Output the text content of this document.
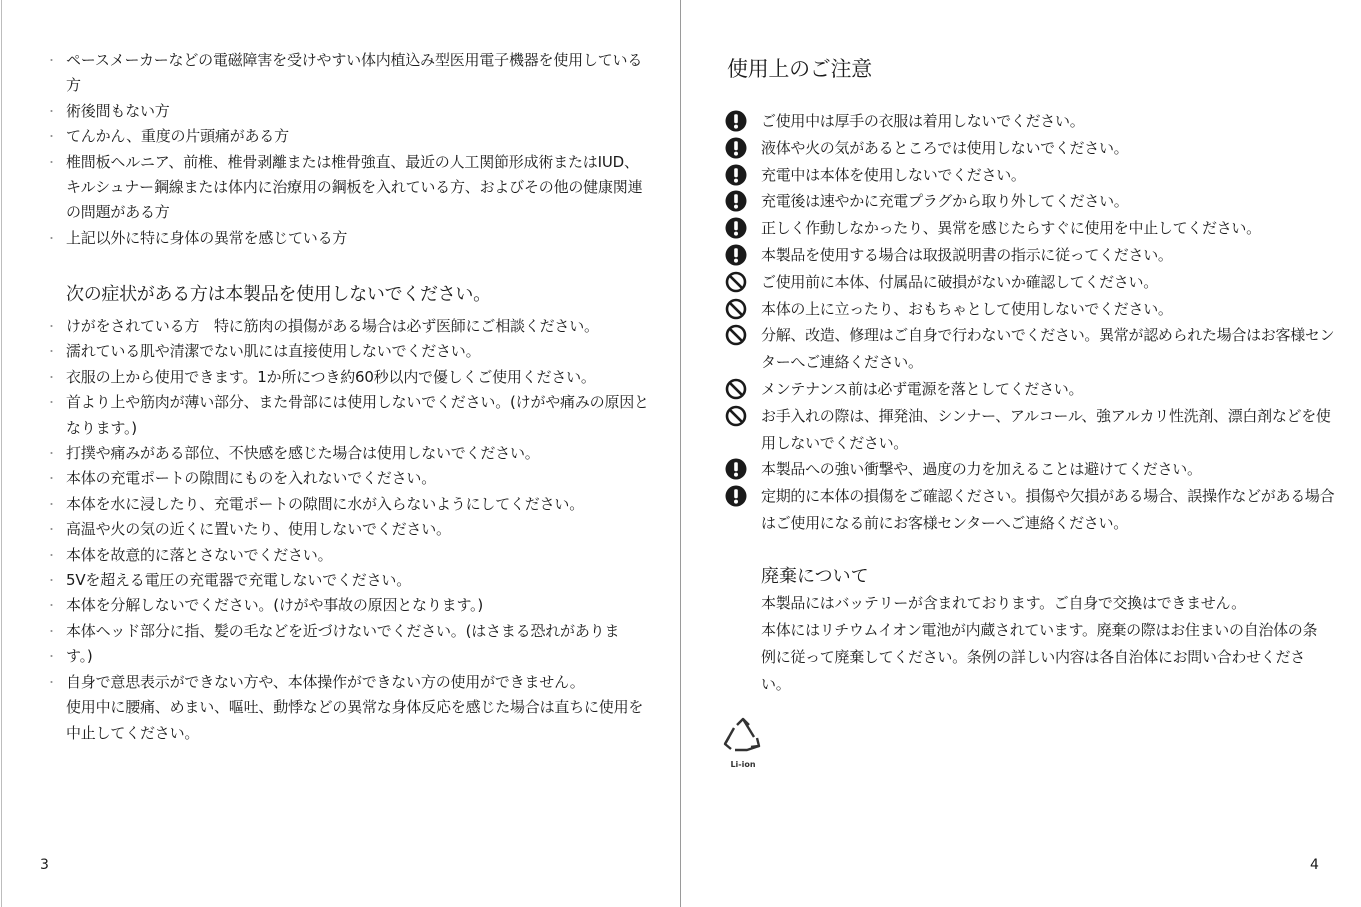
・ ペースメーカーなどの電磁障害を受けやすい体内植込み型医用電子機器を使用している方
・ 術後間もない方
・ てんかん、重度の片頭痛がある方
・ 椎間板ヘルニア、前椎、椎骨剥離または椎骨強直、最近の人工関節形成術またはIUD、キルシュナー鋼線または体内に治療用の鋼板を入れている方、およびその他の健康関連の問題がある方
・ 上記以外に特に身体の異常を感じている方
次の症状がある方は本製品を使用しないでください。
・ けがをされている方　特に筋肉の損傷がある場合は必ず医師にご相談ください。
・ 濡れている肌や清潔でない肌には直接使用しないでください。
・ 衣服の上から使用できます。1か所につき約60秒以内で優しくご使用ください。
・ 首より上や筋肉が薄い部分、また骨部には使用しないでください。(けがや痛みの原因となります。)
・ 打撲や痛みがある部位、不快感を感じた場合は使用しないでください。
・ 本体の充電ポートの隙間にものを入れないでください。
・ 本体を水に浸したり、充電ポートの隙間に水が入らないようにしてください。
・ 高温や火の気の近くに置いたり、使用しないでください。
・ 本体を故意的に落とさないでください。
・ 5Vを超える電圧の充電器で充電しないでください。
・ 本体を分解しないでください。(けがや事故の原因となります。)
・ 本体ヘッド部分に指、髪の毛などを近づけないでください。(はさまる恐れがありま
・ す。)
・ 自身で意思表示ができない方や、本体操作ができない方の使用ができません。
使用中に腰痛、めまい、嘔吐、動悸などの異常な身体反応を感じた場合は直ちに使用を中止してください。
3
使用上のご注意
ご使用中は厚手の衣服は着用しないでください。
液体や火の気があるところでは使用しないでください。
充電中は本体を使用しないでください。
充電後は速やかに充電プラグから取り外してください。
正しく作動しなかったり、異常を感じたらすぐに使用を中止してください。
本製品を使用する場合は取扱説明書の指示に従ってください。
ご使用前に本体、付属品に破損がないか確認してください。
本体の上に立ったり、おもちゃとして使用しないでください。
分解、改造、修理はご自身で行わないでください。異常が認められた場合はお客様センターへご連絡ください。
メンテナンス前は必ず電源を落としてください。
お手入れの際は、揮発油、シンナー、アルコール、強アルカリ性洗剤、漂白剤などを使用しないでください。
本製品への強い衝撃や、過度の力を加えることは避けてください。
定期的に本体の損傷をご確認ください。損傷や欠損がある場合、誤操作などがある場合はご使用になる前にお客様センターへご連絡ください。
廃棄について

本製品にはバッテリーが含まれております。ご自身で交換はできません。

本体にはリチウムイオン電池が内蔵されています。廃棄の際はお住まいの自治体の条例に従って廃棄してください。条例の詳しい内容は各自治体にお問い合わせください。

Li-ion
4
